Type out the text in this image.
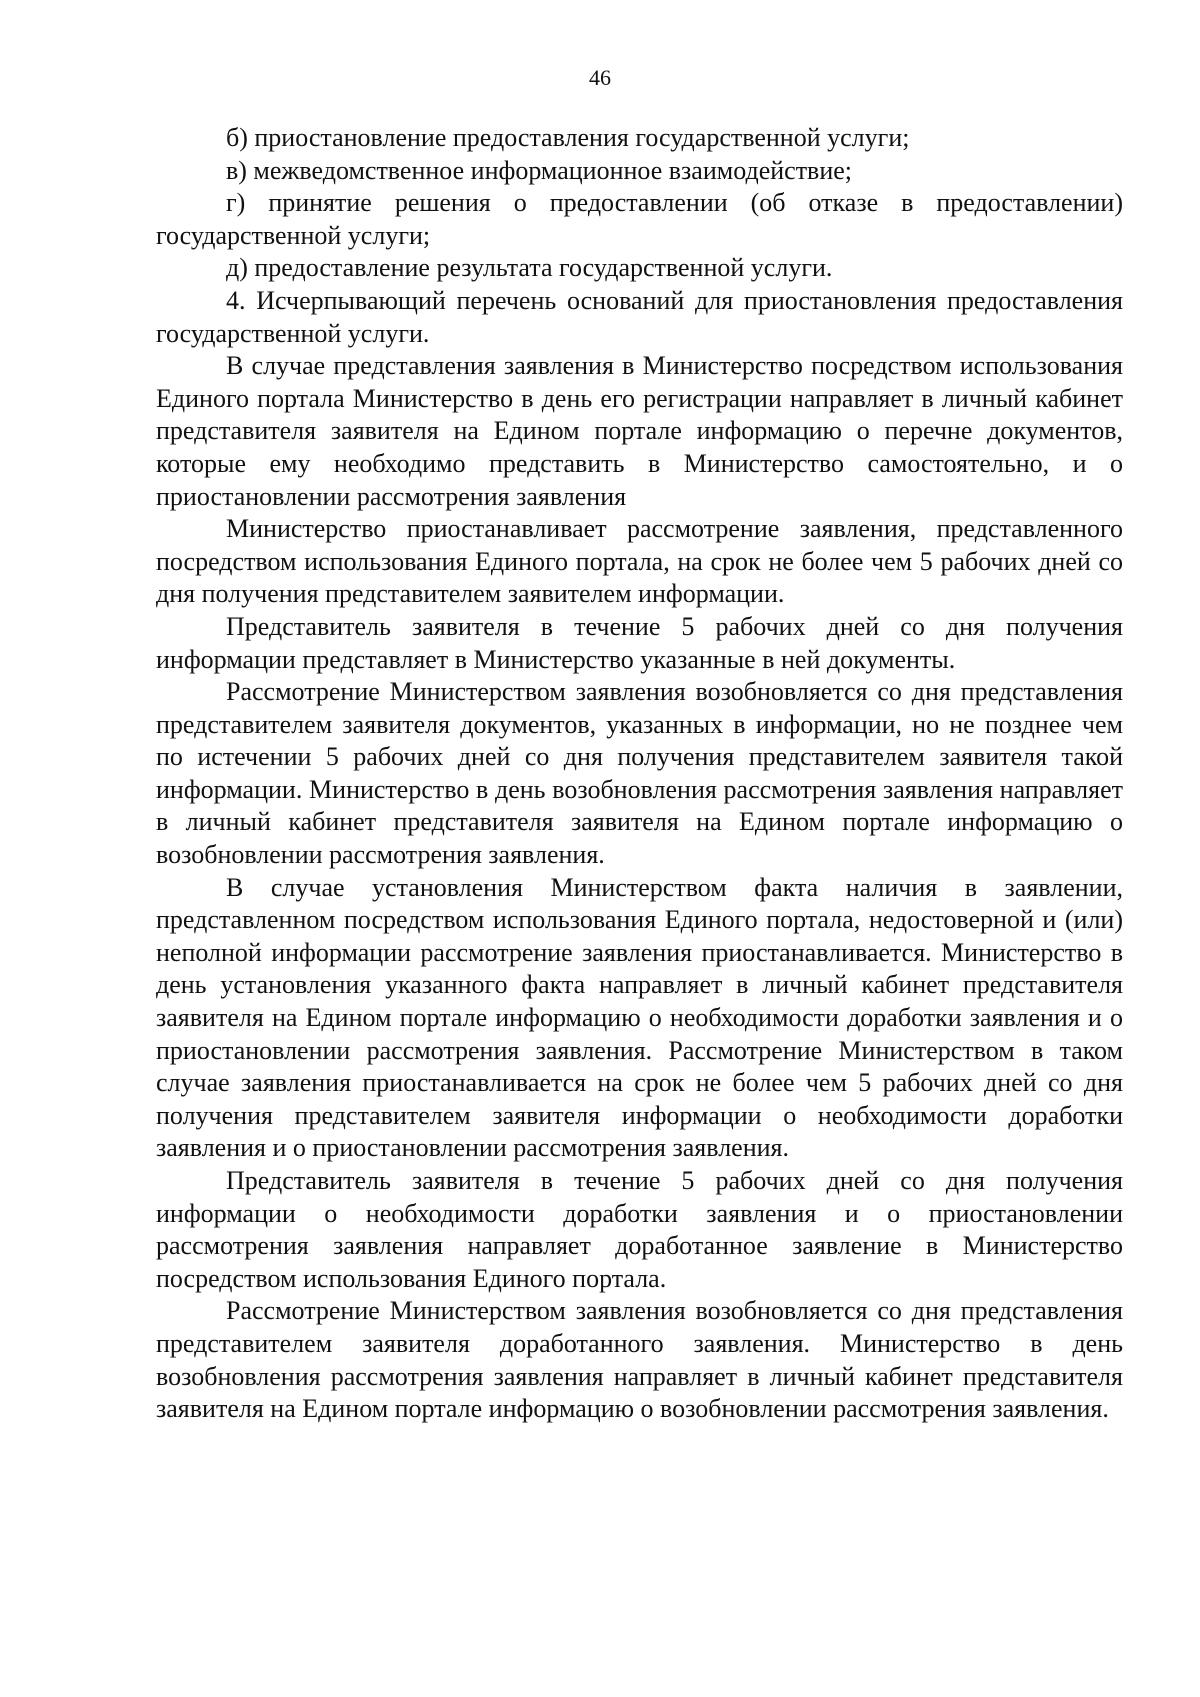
46

б) приостановление предоставления государственной услуги;

в) межведомственное информационное взаимодействие;

г) принятие решения о предоставлении (об отказе в предоставлении) государственной услуги;

д) предоставление результата государственной услуги.

4. Исчерпывающий перечень оснований для приостановления предоставления государственной услуги.

В случае представления заявления в Министерство посредством использования Единого портала Министерство в день его регистрации направляет в личный кабинет представителя заявителя на Едином портале информацию о перечне документов, которые ему необходимо представить в Министерство самостоятельно, и о приостановлении рассмотрения заявления

Министерство приостанавливает рассмотрение заявления, представленного посредством использования Единого портала, на срок не более чем 5 рабочих дней со дня получения представителем заявителем информации.

Представитель заявителя в течение 5 рабочих дней со дня получения информации представляет в Министерство указанные в ней документы.

Рассмотрение Министерством заявления возобновляется со дня представления представителем заявителя документов, указанных в информации, но не позднее чем по истечении 5 рабочих дней со дня получения представителем заявителя такой информации. Министерство в день возобновления рассмотрения заявления направляет в личный кабинет представителя заявителя на Едином портале информацию о возобновлении рассмотрения заявления.

В случае установления Министерством факта наличия в заявлении, представленном посредством использования Единого портала, недостоверной и (или) неполной информации рассмотрение заявления приостанавливается. Министерство в день установления указанного факта направляет в личный кабинет представителя заявителя на Едином портале информацию о необходимости доработки заявления и о приостановлении рассмотрения заявления. Рассмотрение Министерством в таком случае заявления приостанавливается на срок не более чем 5 рабочих дней со дня получения представителем заявителя информации о необходимости доработки заявления и о приостановлении рассмотрения заявления.

Представитель заявителя в течение 5 рабочих дней со дня получения информации о необходимости доработки заявления и о приостановлении рассмотрения заявления направляет доработанное заявление в Министерство посредством использования Единого портала.

Рассмотрение Министерством заявления возобновляется со дня представления представителем заявителя доработанного заявления. Министерство в день возобновления рассмотрения заявления направляет в личный кабинет представителя заявителя на Едином портале информацию о возобновлении рассмотрения заявления.
